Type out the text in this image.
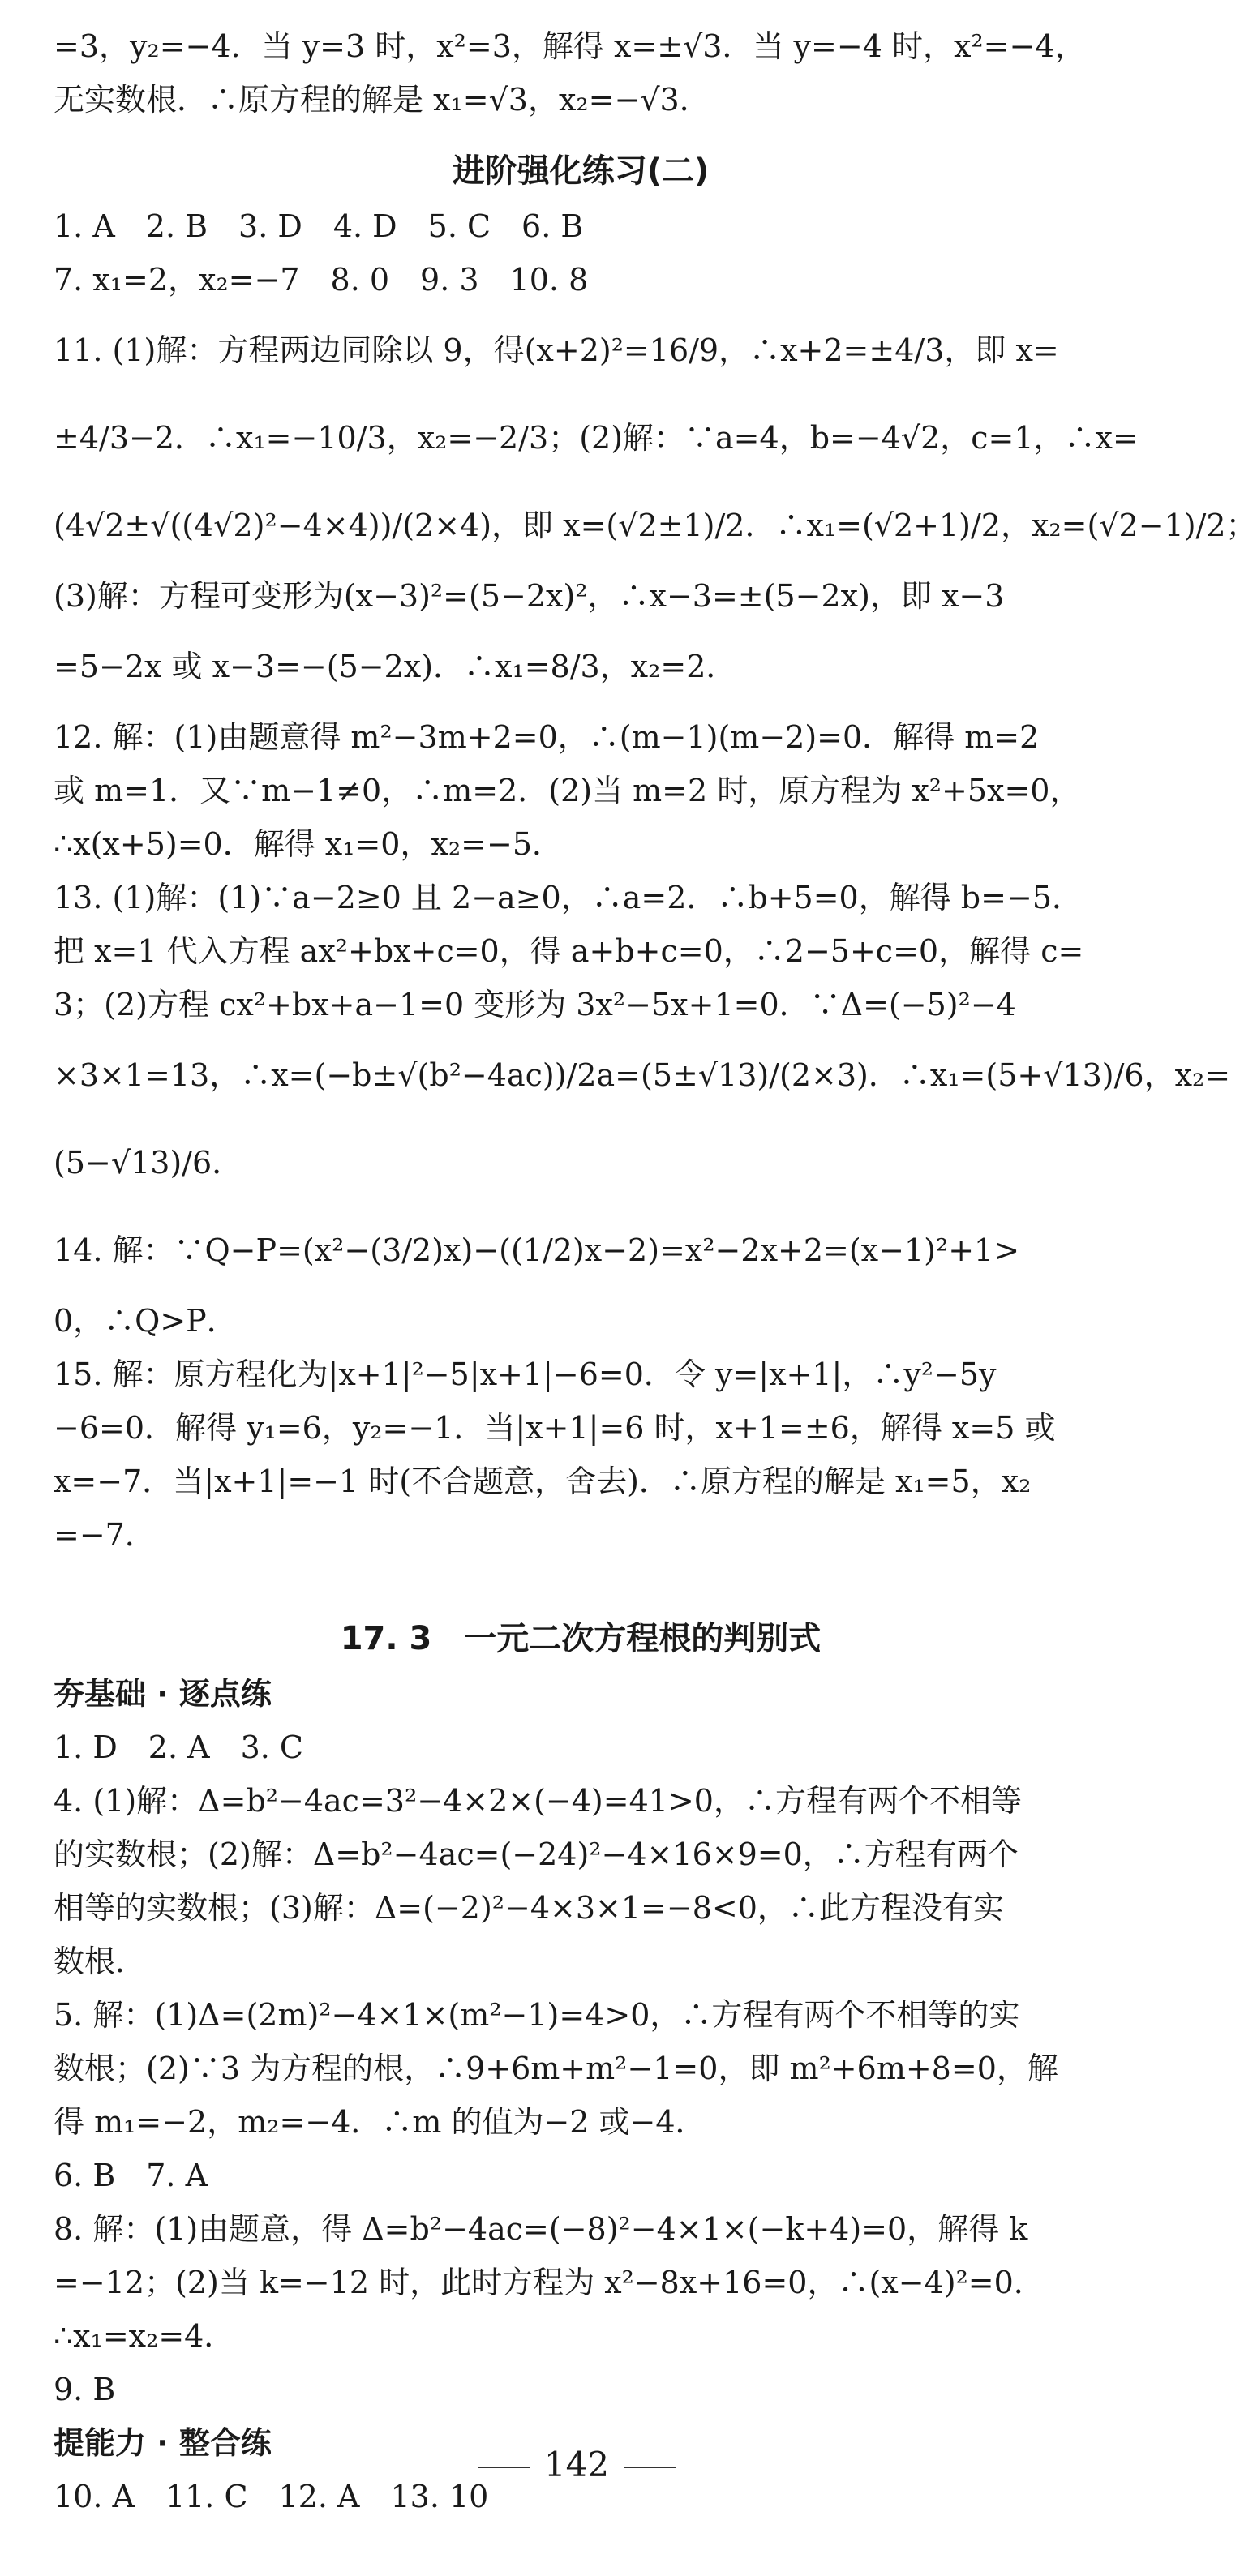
=3，y₂=−4．当 y=3 时，x²=3，解得 x=±√3．当 y=−4 时，x²=−4，
无实数根．∴原方程的解是 x₁=√3，x₂=−√3．
进阶强化练习(二)
1. A　2. B　3. D　4. D　5. C　6. B
7. x₁=2，x₂=−7　8. 0　9. 3　10. 8
11. (1)解：方程两边同除以 9，得(x+2)²=16/9，∴x+2=±4/3，即 x=
±4/3−2．∴x₁=−10/3，x₂=−2/3；(2)解：∵a=4，b=−4√2，c=1，∴x=
(4√2±√((4√2)²−4×4))/(2×4)，即 x=(√2±1)/2．∴x₁=(√2+1)/2，x₂=(√2−1)/2；
(3)解：方程可变形为(x−3)²=(5−2x)²，∴x−3=±(5−2x)，即 x−3
=5−2x 或 x−3=−(5−2x)．∴x₁=8/3，x₂=2．
12. 解：(1)由题意得 m²−3m+2=0，∴(m−1)(m−2)=0．解得 m=2
或 m=1．又∵m−1≠0，∴m=2．(2)当 m=2 时，原方程为 x²+5x=0，
∴x(x+5)=0．解得 x₁=0，x₂=−5．
13. (1)解：(1)∵a−2≥0 且 2−a≥0，∴a=2．∴b+5=0，解得 b=−5．
把 x=1 代入方程 ax²+bx+c=0，得 a+b+c=0，∴2−5+c=0，解得 c=
3；(2)方程 cx²+bx+a−1=0 变形为 3x²−5x+1=0．∵Δ=(−5)²−4
×3×1=13，∴x=(−b±√(b²−4ac))/2a=(5±√13)/(2×3)．∴x₁=(5+√13)/6，x₂=
(5−√13)/6．
14. 解：∵Q−P=(x²−(3/2)x)−((1/2)x−2)=x²−2x+2=(x−1)²+1>
0，∴Q>P．
15. 解：原方程化为|x+1|²−5|x+1|−6=0．令 y=|x+1|，∴y²−5y
−6=0．解得 y₁=6，y₂=−1．当|x+1|=6 时，x+1=±6，解得 x=5 或
x=−7．当|x+1|=−1 时(不合题意，舍去)．∴原方程的解是 x₁=5，x₂
=−7．
17. 3　一元二次方程根的判别式
夯基础 · 逐点练
1. D　2. A　3. C
4. (1)解：Δ=b²−4ac=3²−4×2×(−4)=41>0，∴方程有两个不相等
的实数根；(2)解：Δ=b²−4ac=(−24)²−4×16×9=0，∴方程有两个
相等的实数根；(3)解：Δ=(−2)²−4×3×1=−8<0，∴此方程没有实
数根．
5. 解：(1)Δ=(2m)²−4×1×(m²−1)=4>0，∴方程有两个不相等的实
数根；(2)∵3 为方程的根，∴9+6m+m²−1=0，即 m²+6m+8=0，解
得 m₁=−2，m₂=−4．∴m 的值为−2 或−4．
6. B　7. A
8. 解：(1)由题意，得 Δ=b²−4ac=(−8)²−4×1×(−k+4)=0，解得 k
=−12；(2)当 k=−12 时，此时方程为 x²−8x+16=0，∴(x−4)²=0．
∴x₁=x₂=4．
9. B
提能力 · 整合练
10. A　11. C　12. A　13. 10
142
